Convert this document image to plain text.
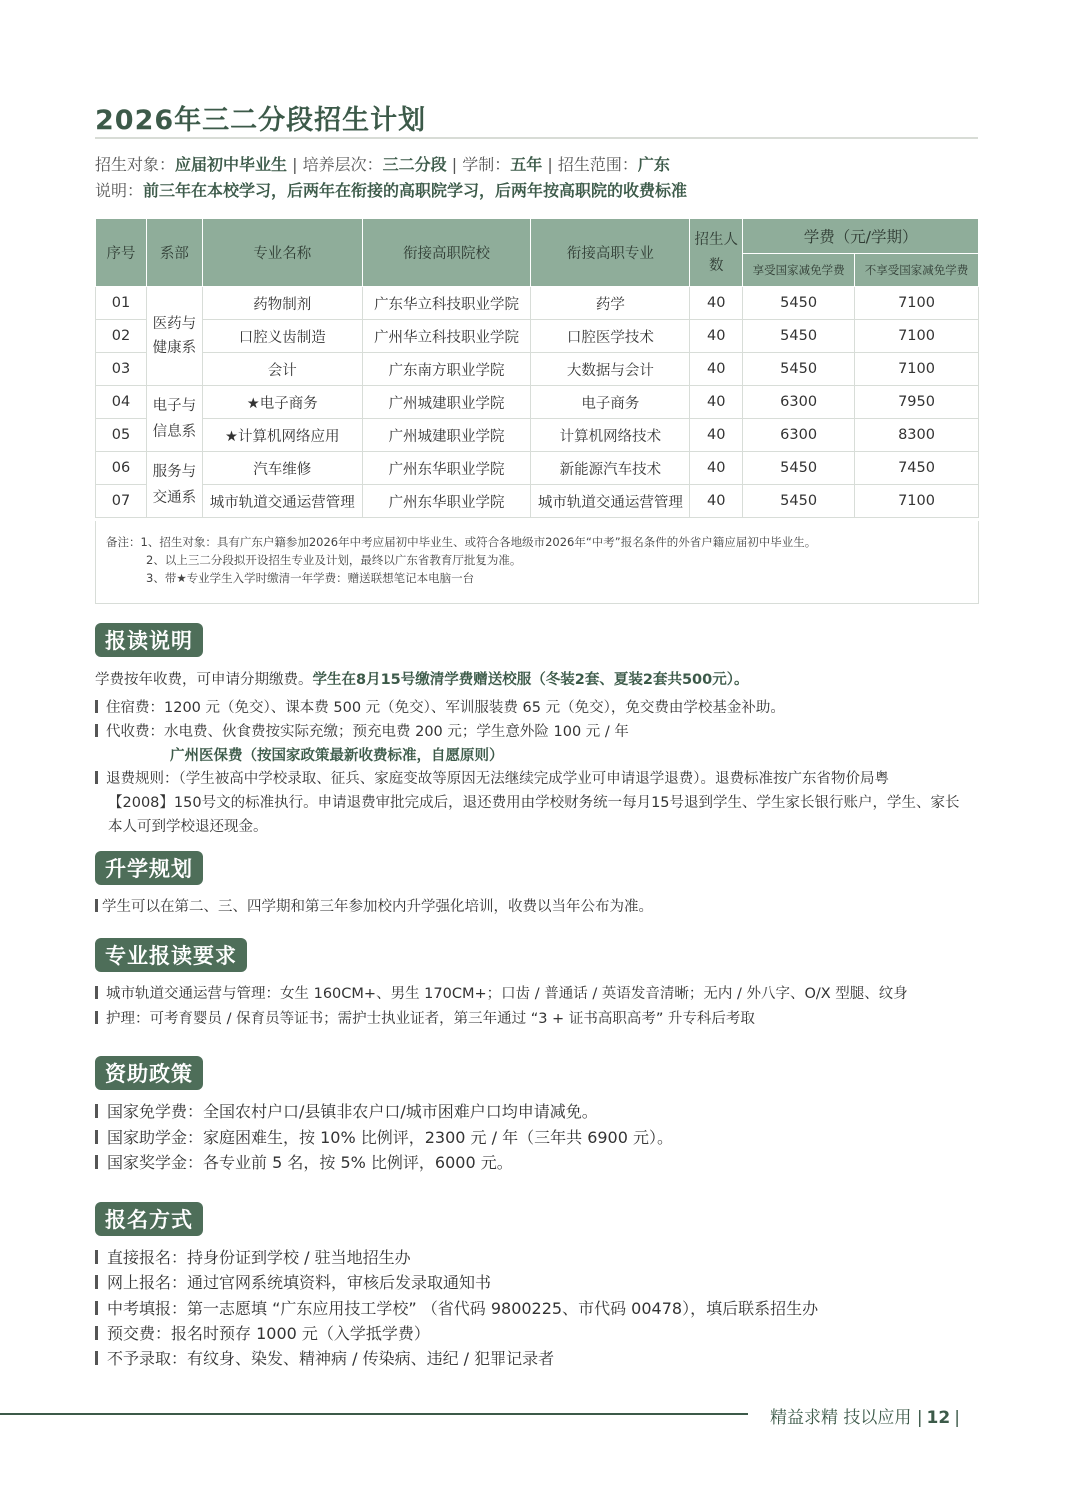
2026年三二分段招生计划
招生对象：应届初中毕业生 | 培养层次：三二分段 | 学制：五年 | 招生范围：广东
说明：前三年在本校学习，后两年在衔接的高职院学习，后两年按高职院的收费标准
序号	系部	专业名称	衔接高职院校	衔接高职专业	招生人数	学费（元/学期）	
						享受国家减免学费	不享受国家减免学费
01	医药与健康系	药物制剂	广东华立科技职业学院	药学	40	5450	7100
02		口腔义齿制造	广州华立科技职业学院	口腔医学技术	40	5450	7100
03		会计	广东南方职业学院	大数据与会计	40	5450	7100
04	电子与信息系	★电子商务	广州城建职业学院	电子商务	40	6300	7950
05		★计算机网络应用	广州城建职业学院	计算机网络技术	40	6300	8300
06	服务与交通系	汽车维修	广州东华职业学院	新能源汽车技术	40	5450	7450
07		城市轨道交通运营管理	广州东华职业学院	城市轨道交通运营管理	40	5450	7100
备注：1、招生对象：具有广东户籍参加2026年中考应届初中毕业生、或符合各地级市2026年“中考”报名条件的外省户籍应届初中毕业生。
2、以上三二分段拟开设招生专业及计划，最终以广东省教育厅批复为准。
3、带★专业学生入学时缴清一年学费：赠送联想笔记本电脑一台
报读说明
学费按年收费，可申请分期缴费。学生在8月15号缴清学费赠送校服（冬装2套、夏装2套共500元）。
住宿费：1200 元（免交）、课本费 500 元（免交）、军训服装费 65 元（免交），免交费由学校基金补助。
代收费：水电费、伙食费按实际充缴；预充电费 200 元；学生意外险 100 元 / 年
广州医保费（按国家政策最新收费标准，自愿原则）
退费规则：（学生被高中学校录取、征兵、家庭变故等原因无法继续完成学业可申请退学退费）。退费标准按广东省物价局粤
【2008】150号文的标准执行。申请退费审批完成后，退还费用由学校财务统一每月15号退到学生、学生家长银行账户，学生、家长
本人可到学校退还现金。
升学规划
学生可以在第二、三、四学期和第三年参加校内升学强化培训，收费以当年公布为准。
专业报读要求
城市轨道交通运营与管理：女生 160CM+、男生 170CM+；口齿 / 普通话 / 英语发音清晰；无内 / 外八字、O/X 型腿、纹身
护理：可考育婴员 / 保育员等证书；需护士执业证者，第三年通过 “3 + 证书高职高考” 升专科后考取
资助政策
国家免学费：全国农村户口/县镇非农户口/城市困难户口均申请减免。
国家助学金：家庭困难生，按 10% 比例评，2300 元 / 年（三年共 6900 元）。
国家奖学金：各专业前 5 名，按 5% 比例评，6000 元。
报名方式
直接报名：持身份证到学校 / 驻当地招生办
网上报名：通过官网系统填资料，审核后发录取通知书
中考填报：第一志愿填 “广东应用技工学校” （省代码 9800225、市代码 00478），填后联系招生办
预交费：报名时预存 1000 元（入学抵学费）
不予录取：有纹身、染发、精神病 / 传染病、违纪 / 犯罪记录者
精益求精 技以应用 | 12 |
